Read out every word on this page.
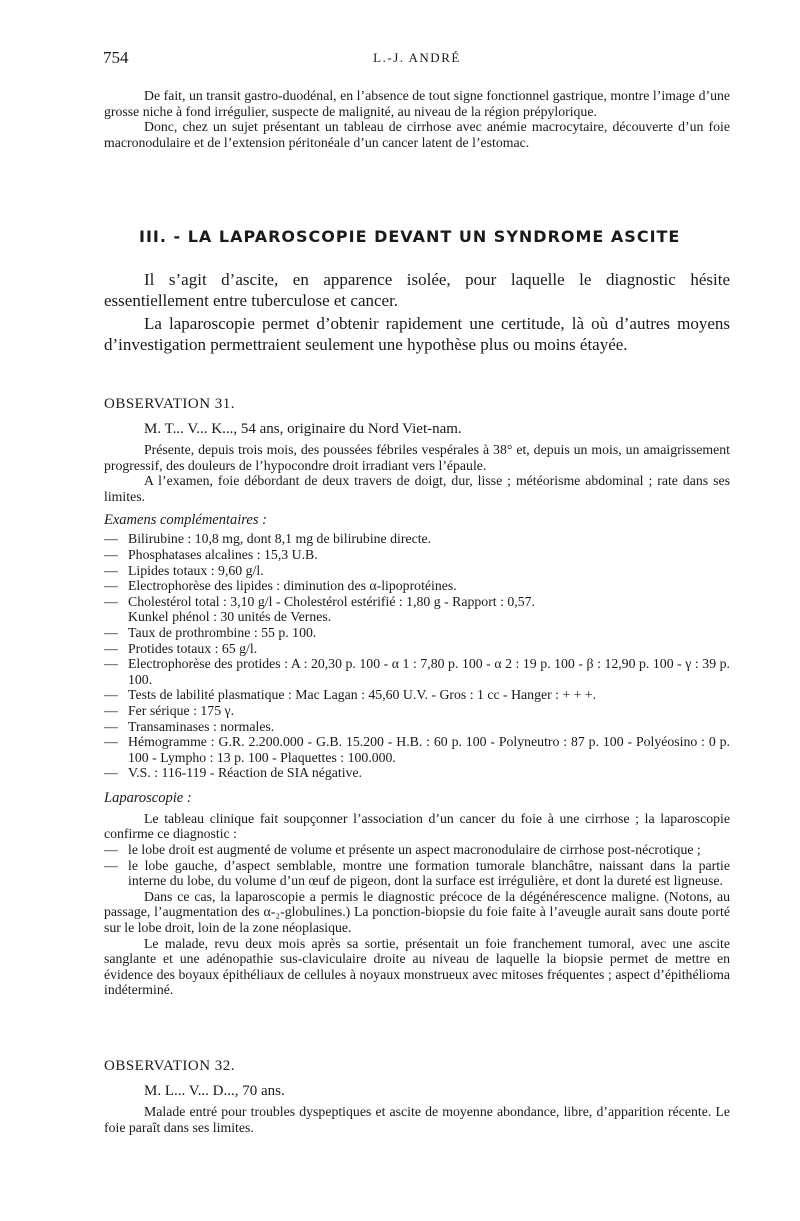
754	L.-J. ANDRÉ

De fait, un transit gastro-duodénal, en l’absence de tout signe fonctionnel gastrique, montre l’image d’une grosse niche à fond irrégulier, suspecte de malignité, au niveau de la région prépylorique.

Donc, chez un sujet présentant un tableau de cirrhose avec anémie macrocytaire, découverte d’un foie macronodulaire et de l’extension péritonéale d’un cancer latent de l’estomac.

III. - LA LAPAROSCOPIE DEVANT UN SYNDROME ASCITE

Il s’agit d’ascite, en apparence isolée, pour laquelle le diagnostic hésite essentiellement entre tuberculose et cancer.

La laparoscopie permet d’obtenir rapidement une certitude, là où d’autres moyens d’investigation permettraient seulement une hypothèse plus ou moins étayée.

OBSERVATION 31.
M. T... V... K..., 54 ans, originaire du Nord Viet-nam.

Présente, depuis trois mois, des poussées fébriles vespérales à 38° et, depuis un mois, un amaigrissement progressif, des douleurs de l’hypocondre droit irradiant vers l’épaule.

A l’examen, foie débordant de deux travers de doigt, dur, lisse ; météorisme abdominal ; rate dans ses limites.

Examens complémentaires :
— Bilirubine : 10,8 mg, dont 8,1 mg de bilirubine directe.
— Phosphatases alcalines : 15,3 U.B.
— Lipides totaux : 9,60 g/l.
— Electrophorèse des lipides : diminution des α-lipoprotéines.
— Cholestérol total : 3,10 g/l - Cholestérol estérifié : 1,80 g - Rapport : 0,57.
Kunkel phénol : 30 unités de Vernes.
— Taux de prothrombine : 55 p. 100.
— Protides totaux : 65 g/l.
— Electrophorèse des protides : A : 20,30 p. 100 - α 1 : 7,80 p. 100 - α 2 : 19 p. 100 - β : 12,90 p. 100 - γ : 39 p. 100.
— Tests de labilité plasmatique : Mac Lagan : 45,60 U.V. - Gros : 1 cc - Hanger : + + +.
— Fer sérique : 175 γ.
— Transaminases : normales.
— Hémogramme : G.R. 2.200.000 - G.B. 15.200 - H.B. : 60 p. 100 - Polyneutro : 87 p. 100 - Polyéosino : 0 p. 100 - Lympho : 13 p. 100 - Plaquettes : 100.000.
— V.S. : 116-119 - Réaction de SIA négative.
Laparoscopie :

Le tableau clinique fait soupçonner l’association d’un cancer du foie à une cirrhose ; la laparoscopie confirme ce diagnostic :

— le lobe droit est augmenté de volume et présente un aspect macronodulaire de cirrhose post-nécrotique ;
— le lobe gauche, d’aspect semblable, montre une formation tumorale blanchâtre, naissant dans la partie interne du lobe, du volume d’un œuf de pigeon, dont la surface est irrégulière, et dont la dureté est ligneuse.

Dans ce cas, la laparoscopie a permis le diagnostic précoce de la dégénérescence maligne. (Notons, au passage, l’augmentation des α-₂-globulines.) La ponction-biopsie du foie faite à l’aveugle aurait sans doute porté sur le lobe droit, loin de la zone néoplasique.

Le malade, revu deux mois après sa sortie, présentait un foie franchement tumoral, avec une ascite sanglante et une adénopathie sus-claviculaire droite au niveau de laquelle la biopsie permet de mettre en évidence des boyaux épithéliaux de cellules à noyaux monstrueux avec mitoses fréquentes ; aspect d’épithélioma indéterminé.

OBSERVATION 32.
M. L... V... D..., 70 ans.

Malade entré pour troubles dyspeptiques et ascite de moyenne abondance, libre, d’apparition récente. Le foie paraît dans ses limites.
